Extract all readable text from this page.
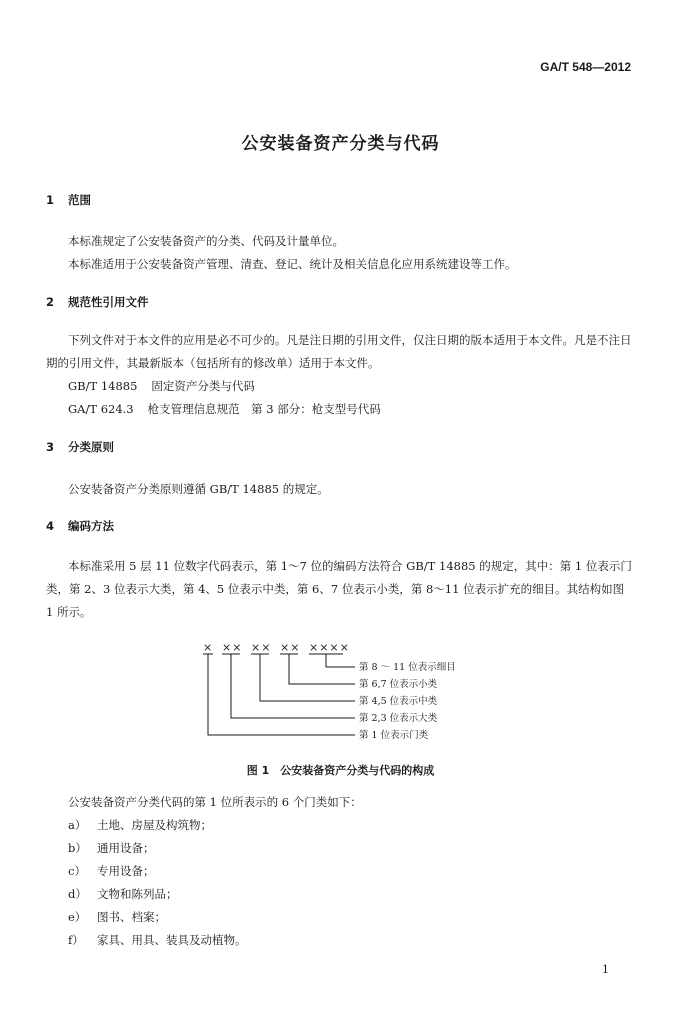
GA/T 548—2012
公安装备资产分类与代码
1 范围
本标准规定了公安装备资产的分类、代码及计量单位。
本标准适用于公安装备资产管理、清查、登记、统计及相关信息化应用系统建设等工作。
2 规范性引用文件
下列文件对于本文件的应用是必不可少的。凡是注日期的引用文件，仅注日期的版本适用于本文件。凡是不注日期的引用文件，其最新版本（包括所有的修改单）适用于本文件。
GB/T 14885 固定资产分类与代码
GA/T 624.3 枪支管理信息规范　第 3 部分：枪支型号代码
3 分类原则
公安装备资产分类原则遵循 GB/T 14885 的规定。
4 编码方法
本标准采用 5 层 11 位数字代码表示，第 1～7 位的编码方法符合 GB/T 14885 的规定，其中：第 1 位表示门类，第 2、3 位表示大类，第 4、5 位表示中类，第 6、7 位表示小类，第 8～11 位表示扩充的细目。其结构如图 1 所示。
× ×× ×× ×× ××××
第 8 ～ 11 位表示细目
第 6,7 位表示小类
第 4,5 位表示中类
第 2,3 位表示大类
第 1 位表示门类
图 1　公安装备资产分类与代码的构成
公安装备资产分类代码的第 1 位所表示的 6 个门类如下：
a） 土地、房屋及构筑物；
b） 通用设备；
c） 专用设备；
d） 文物和陈列品；
e） 图书、档案；
f） 家具、用具、装具及动植物。
1
